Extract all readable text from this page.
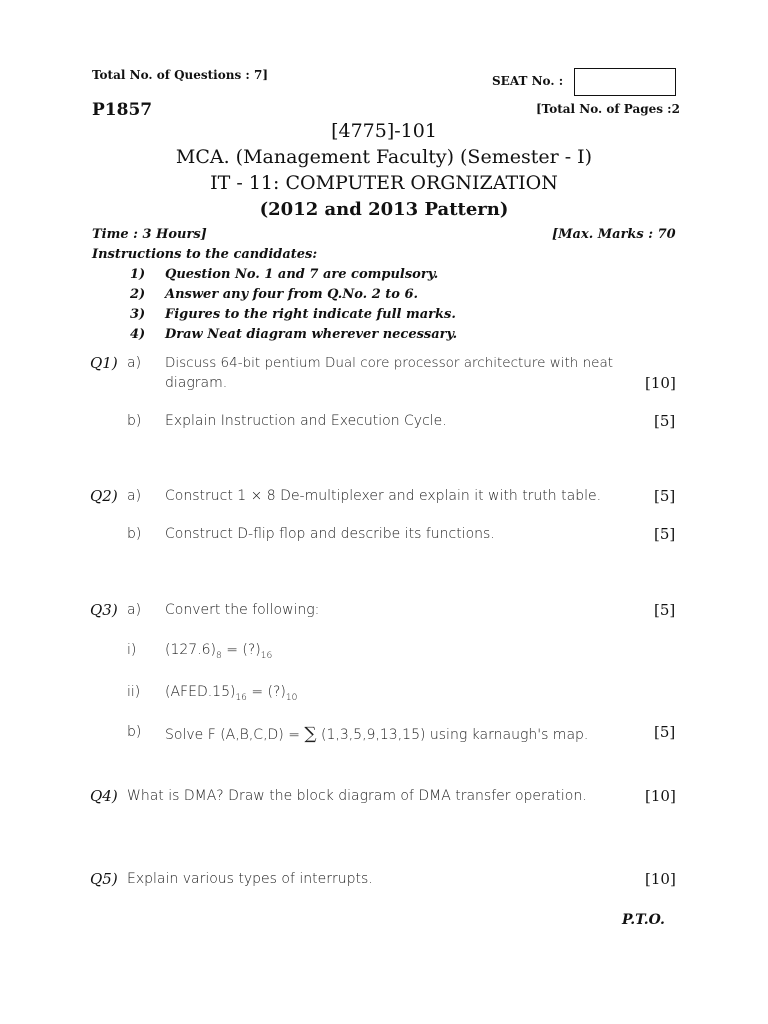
Total No. of Questions : 7]	SEAT No. :
P1857	[Total No. of Pages :2
[4775]-101
MCA. (Management Faculty) (Semester - I)
IT - 11: COMPUTER ORGNIZATION
(2012 and 2013 Pattern)
Time : 3 Hours]	[Max. Marks : 70
Instructions to the candidates:
1) Question No. 1 and 7 are compulsory.
2) Answer any four from Q.No. 2 to 6.
3) Figures to the right indicate full marks.
4) Draw Neat diagram wherever necessary.
Q1) a) Discuss 64-bit pentium Dual core processor architecture with neat
diagram.	[10]
b) Explain Instruction and Execution Cycle.	[5]
Q2) a) Construct 1 × 8 De-multiplexer and explain it with truth table.	[5]
b) Construct D-flip flop and describe its functions.	[5]
Q3) a) Convert the following:	[5]
i) $(127.6)_8$ = $(?)_{16}$
ii) $(AFED.15)_{16}$ = $(?)_{10}$
b) Solve F (A,B,C,D) = ∑ (1,3,5,9,13,15) using karnaugh's map.	[5]
Q4) What is DMA? Draw the block diagram of DMA transfer operation.	[10]
Q5) Explain various types of interrupts.	[10]
P.T.O.
